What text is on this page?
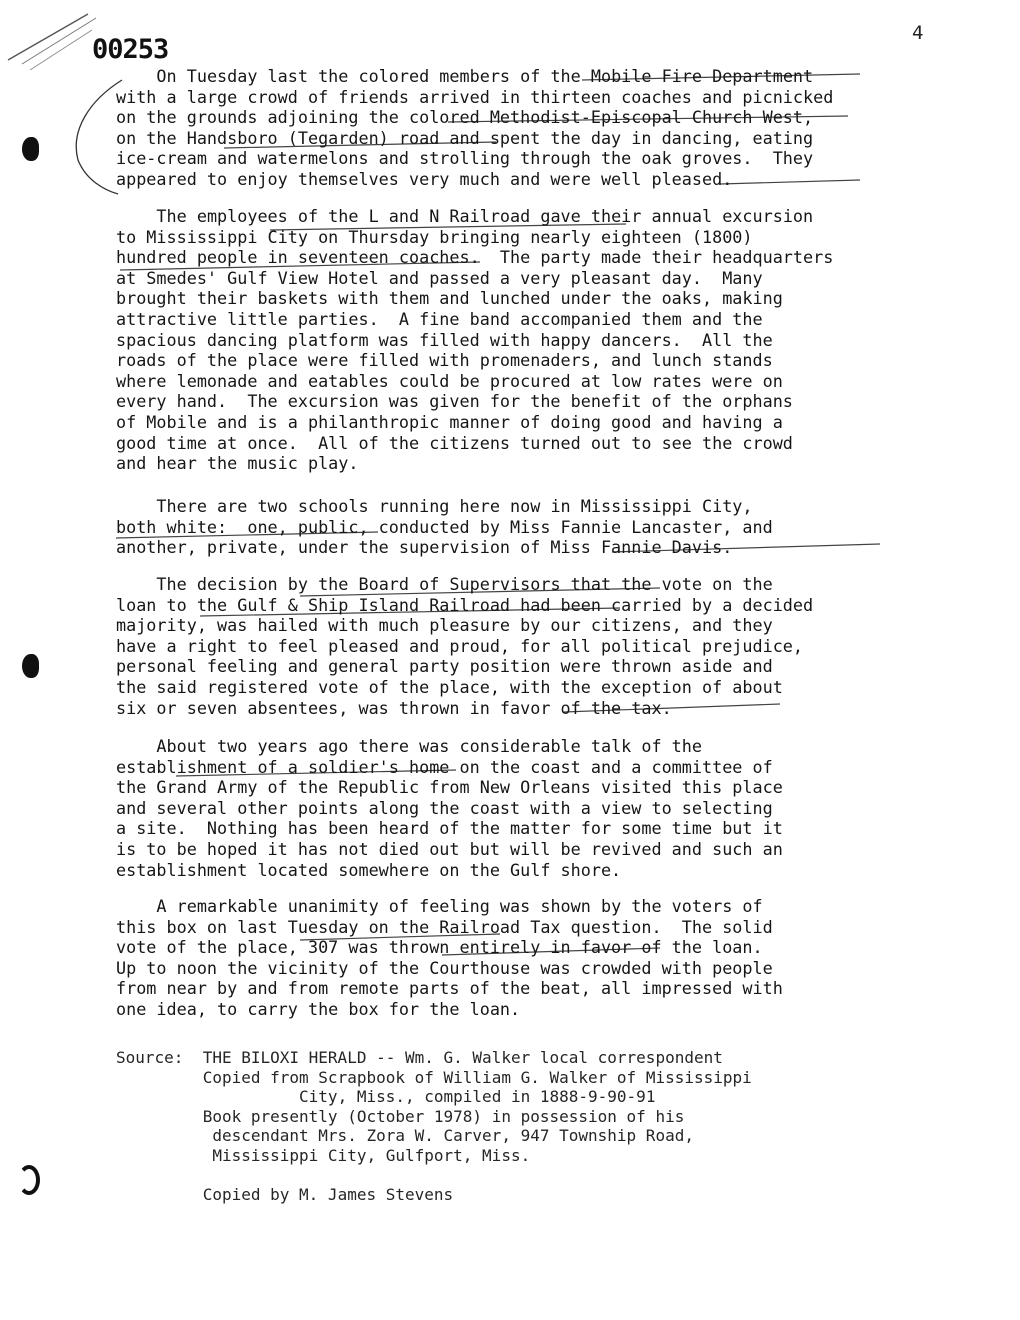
00253
4

On Tuesday last the colored members of the Mobile Fire Department
with a large crowd of friends arrived in thirteen coaches and picnicked
on the grounds adjoining the colored Methodist-Episcopal Church West,
on the Handsboro (Tegarden) road and spent the day in dancing, eating
ice-cream and watermelons and strolling through the oak groves.  They
appeared to enjoy themselves very much and were well pleased.

The employees of the L and N Railroad gave their annual excursion
to Mississippi City on Thursday bringing nearly eighteen (1800)
hundred people in seventeen coaches.  The party made their headquarters
at Smedes' Gulf View Hotel and passed a very pleasant day.  Many
brought their baskets with them and lunched under the oaks, making
attractive little parties.  A fine band accompanied them and the
spacious dancing platform was filled with happy dancers.  All the
roads of the place were filled with promenaders, and lunch stands
where lemonade and eatables could be procured at low rates were on
every hand.  The excursion was given for the benefit of the orphans
of Mobile and is a philanthropic manner of doing good and having a
good time at once.  All of the citizens turned out to see the crowd
and hear the music play.

There are two schools running here now in Mississippi City,
both white:  one, public, conducted by Miss Fannie Lancaster, and
another, private, under the supervision of Miss Fannie Davis.

The decision by the Board of Supervisors that the vote on the
loan to the Gulf & Ship Island Railroad had been carried by a decided
majority, was hailed with much pleasure by our citizens, and they
have a right to feel pleased and proud, for all political prejudice,
personal feeling and general party position were thrown aside and
the said registered vote of the place, with the exception of about
six or seven absentees, was thrown in favor of the tax.

About two years ago there was considerable talk of the
establishment of a soldier's home on the coast and a committee of
the Grand Army of the Republic from New Orleans visited this place
and several other points along the coast with a view to selecting
a site.  Nothing has been heard of the matter for some time but it
is to be hoped it has not died out but will be revived and such an
establishment located somewhere on the Gulf shore.

A remarkable unanimity of feeling was shown by the voters of
this box on last Tuesday on the Railroad Tax question.  The solid
vote of the place, 307 was thrown entirely in favor of the loan.
Up to noon the vicinity of the Courthouse was crowded with people
from near by and from remote parts of the beat, all impressed with
one idea, to carry the box for the loan.

Source:  THE BILOXI HERALD -- Wm. G. Walker local correspondent
Copied from Scrapbook of William G. Walker of Mississippi
City, Miss., compiled in 1888-9-90-91
Book presently (October 1978) in possession of his
descendant Mrs. Zora W. Carver, 947 Township Road,
Mississippi City, Gulfport, Miss.

Copied by M. James Stevens
